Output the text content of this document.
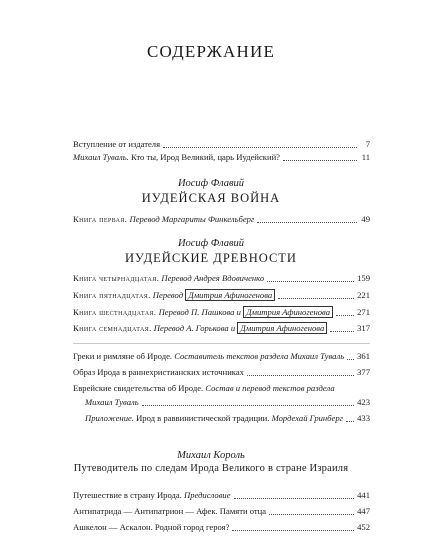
СОДЕРЖАНИЕ
Вступление от издателя	7
Михаил Туваль. Кто ты, Ирод Великий, царь Иудейский?	11
Иосиф Флавий
ИУДЕЙСКАЯ ВОЙНА
Книга первая. Перевод Маргариты Финкельберг	49
Иосиф Флавий
ИУДЕЙСКИЕ ДРЕВНОСТИ
Книга четырнадцатая. Перевод Андрея Вдовиченко	159
Книга пятнадцатая. Перевод Дмитрия Афиногенова	221
Книга шестнадцатая. Перевод П. Пашкова и Дмитрия Афиногенова	271
Книга семнадцатая. Перевод А. Горькова и Дмитрия Афиногенова	317
Греки и римляне об Ироде. Составитель текстов раздела Михаил Туваль 361
Образ Ирода в раннехристианских источниках	377
Еврейские свидетельства об Ироде. Состав и перевод текстов раздела
Михаил Туваль	423
Приложение. Ирод в раввинистической традиции. Мордехай Гринберг 433
Михаил Король
Путеводитель по следам Ирода Великого в стране Израиля
Путешествие в страну Ирода. Предисловие	441
Антипатрида — Антипатрион — Афек. Памяти отца	447
Ашкелон — Аскалон. Родной город героя?	452
